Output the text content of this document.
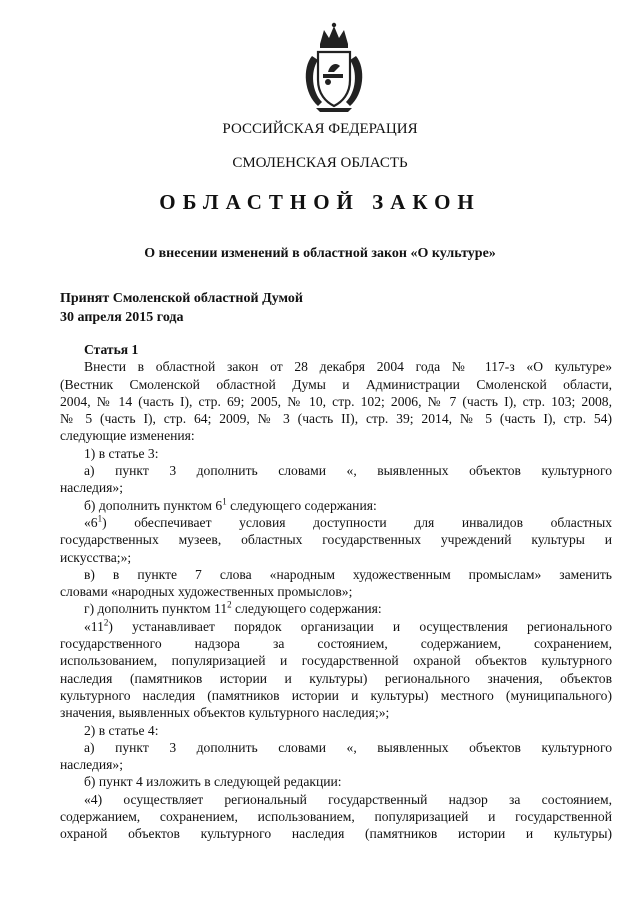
РОССИЙСКАЯ ФЕДЕРАЦИЯ
СМОЛЕНСКАЯ ОБЛАСТЬ
ОБЛАСТНОЙ ЗАКОН
О внесении изменений в областной закон «О культуре»
Принят Смоленской областной Думой
30 апреля 2015 года
Статья 1
Внести в областной закон от 28 декабря 2004 года № 117-з «О культуре»
(Вестник Смоленской областной Думы и Администрации Смоленской области,
2004, № 14 (часть I), стр. 69; 2005, № 10, стр. 102; 2006, № 7 (часть I), стр. 103; 2008,
№ 5 (часть I), стр. 64; 2009, № 3 (часть II), стр. 39; 2014, № 5 (часть I), стр. 54)
следующие изменения:
1) в статье 3:
а) пункт 3 дополнить словами «, выявленных объектов культурного
наследия»;
б) дополнить пунктом $6^1$ следующего содержания:
«$6^1$) обеспечивает условия доступности для инвалидов областных
государственных музеев, областных государственных учреждений культуры и
искусства;»;
в) в пункте 7 слова «народным художественным промыслам» заменить
словами «народных художественных промыслов»;
г) дополнить пунктом $11^2$ следующего содержания:
«$11^2$) устанавливает порядок организации и осуществления регионального
государственного надзора за состоянием, содержанием, сохранением,
использованием, популяризацией и государственной охраной объектов культурного
наследия (памятников истории и культуры) регионального значения, объектов
культурного наследия (памятников истории и культуры) местного (муниципального)
значения, выявленных объектов культурного наследия;»;
2) в статье 4:
а) пункт 3 дополнить словами «, выявленных объектов культурного
наследия»;
б) пункт 4 изложить в следующей редакции:
«4) осуществляет региональный государственный надзор за состоянием,
содержанием, сохранением, использованием, популяризацией и государственной
охраной объектов культурного наследия (памятников истории и культуры)
